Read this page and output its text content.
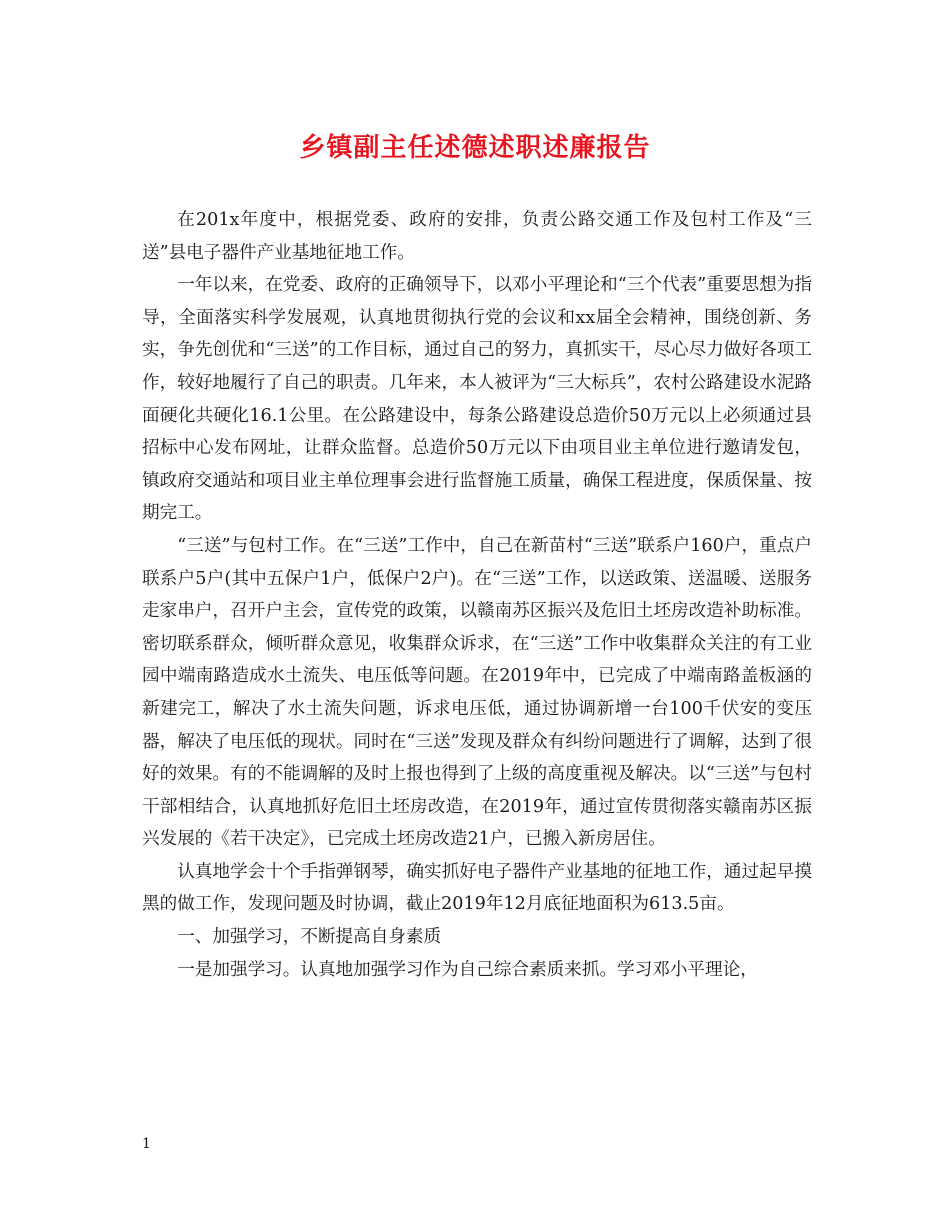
乡镇副主任述德述职述廉报告

在201x年度中，根据党委、政府的安排，负责公路交通工作及包村工作及“三送”县电子器件产业基地征地工作。

一年以来，在党委、政府的正确领导下，以邓小平理论和“三个代表”重要思想为指导，全面落实科学发展观，认真地贯彻执行党的会议和xx届全会精神，围绕创新、务实，争先创优和“三送”的工作目标，通过自己的努力，真抓实干，尽心尽力做好各项工作，较好地履行了自己的职责。几年来，本人被评为“三大标兵”，农村公路建设水泥路面硬化共硬化16.1公里。在公路建设中，每条公路建设总造价50万元以上必须通过县招标中心发布网址，让群众监督。总造价50万元以下由项目业主单位进行邀请发包，镇政府交通站和项目业主单位理事会进行监督施工质量，确保工程进度，保质保量、按期完工。

“三送”与包村工作。在“三送”工作中，自己在新苗村“三送”联系户160户，重点户联系户5户(其中五保户1户，低保户2户)。在“三送”工作，以送政策、送温暖、送服务走家串户，召开户主会，宣传党的政策，以赣南苏区振兴及危旧土坯房改造补助标准。密切联系群众，倾听群众意见，收集群众诉求，在“三送”工作中收集群众关注的有工业园中端南路造成水土流失、电压低等问题。在2019年中，已完成了中端南路盖板涵的新建完工，解决了水土流失问题，诉求电压低，通过协调新增一台100千伏安的变压器，解决了电压低的现状。同时在“三送”发现及群众有纠纷问题进行了调解，达到了很好的效果。有的不能调解的及时上报也得到了上级的高度重视及解决。以“三送”与包村干部相结合，认真地抓好危旧土坯房改造，在2019年，通过宣传贯彻落实赣南苏区振兴发展的《若干决定》，已完成土坯房改造21户，已搬入新房居住。

认真地学会十个手指弹钢琴，确实抓好电子器件产业基地的征地工作，通过起早摸黑的做工作，发现问题及时协调，截止2019年12月底征地面积为613.5亩。

一、加强学习，不断提高自身素质

一是加强学习。认真地加强学习作为自己综合素质来抓。学习邓小平理论，

1
